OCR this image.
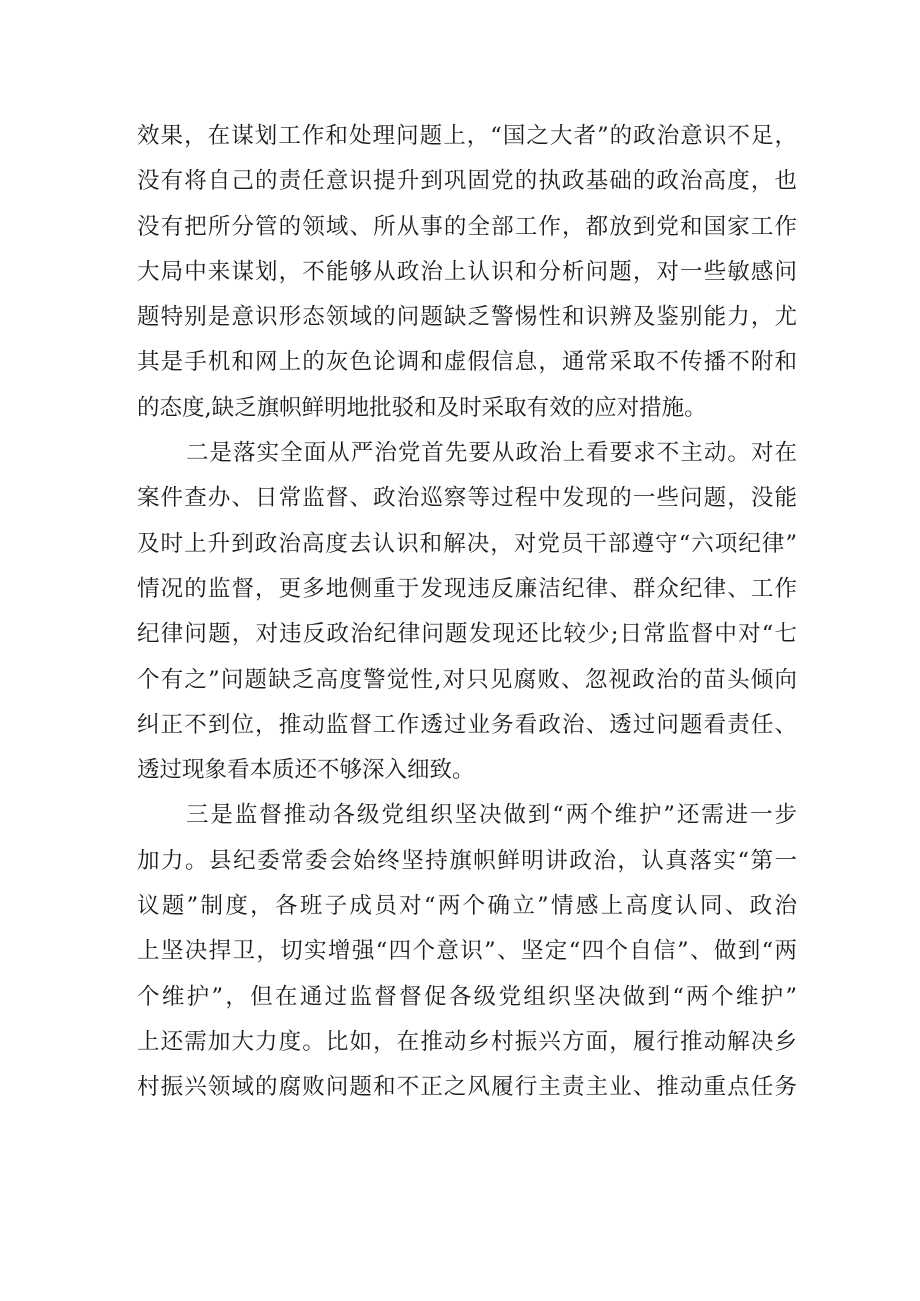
效果，在谋划工作和处理问题上，“国之大者”的政治意识不足，
没有将自己的责任意识提升到巩固党的执政基础的政治高度，也
没有把所分管的领域、所从事的全部工作，都放到党和国家工作
大局中来谋划，不能够从政治上认识和分析问题，对一些敏感问
题特别是意识形态领域的问题缺乏警惕性和识辨及鉴别能力，尤
其是手机和网上的灰色论调和虚假信息，通常采取不传播不附和
的态度,缺乏旗帜鲜明地批驳和及时采取有效的应对措施。
二是落实全面从严治党首先要从政治上看要求不主动。对在
案件查办、日常监督、政治巡察等过程中发现的一些问题，没能
及时上升到政治高度去认识和解决，对党员干部遵守“六项纪律”
情况的监督，更多地侧重于发现违反廉洁纪律、群众纪律、工作
纪律问题，对违反政治纪律问题发现还比较少;日常监督中对“七
个有之”问题缺乏高度警觉性,对只见腐败、忽视政治的苗头倾向
纠正不到位，推动监督工作透过业务看政治、透过问题看责任、
透过现象看本质还不够深入细致。
三是监督推动各级党组织坚决做到“两个维护”还需进一步
加力。县纪委常委会始终坚持旗帜鲜明讲政治，认真落实“第一
议题”制度，各班子成员对“两个确立”情感上高度认同、政治
上坚决捍卫，切实增强“四个意识”、坚定“四个自信”、做到“两
个维护”，但在通过监督督促各级党组织坚决做到“两个维护”
上还需加大力度。比如，在推动乡村振兴方面，履行推动解决乡
村振兴领域的腐败问题和不正之风履行主责主业、推动重点任务
